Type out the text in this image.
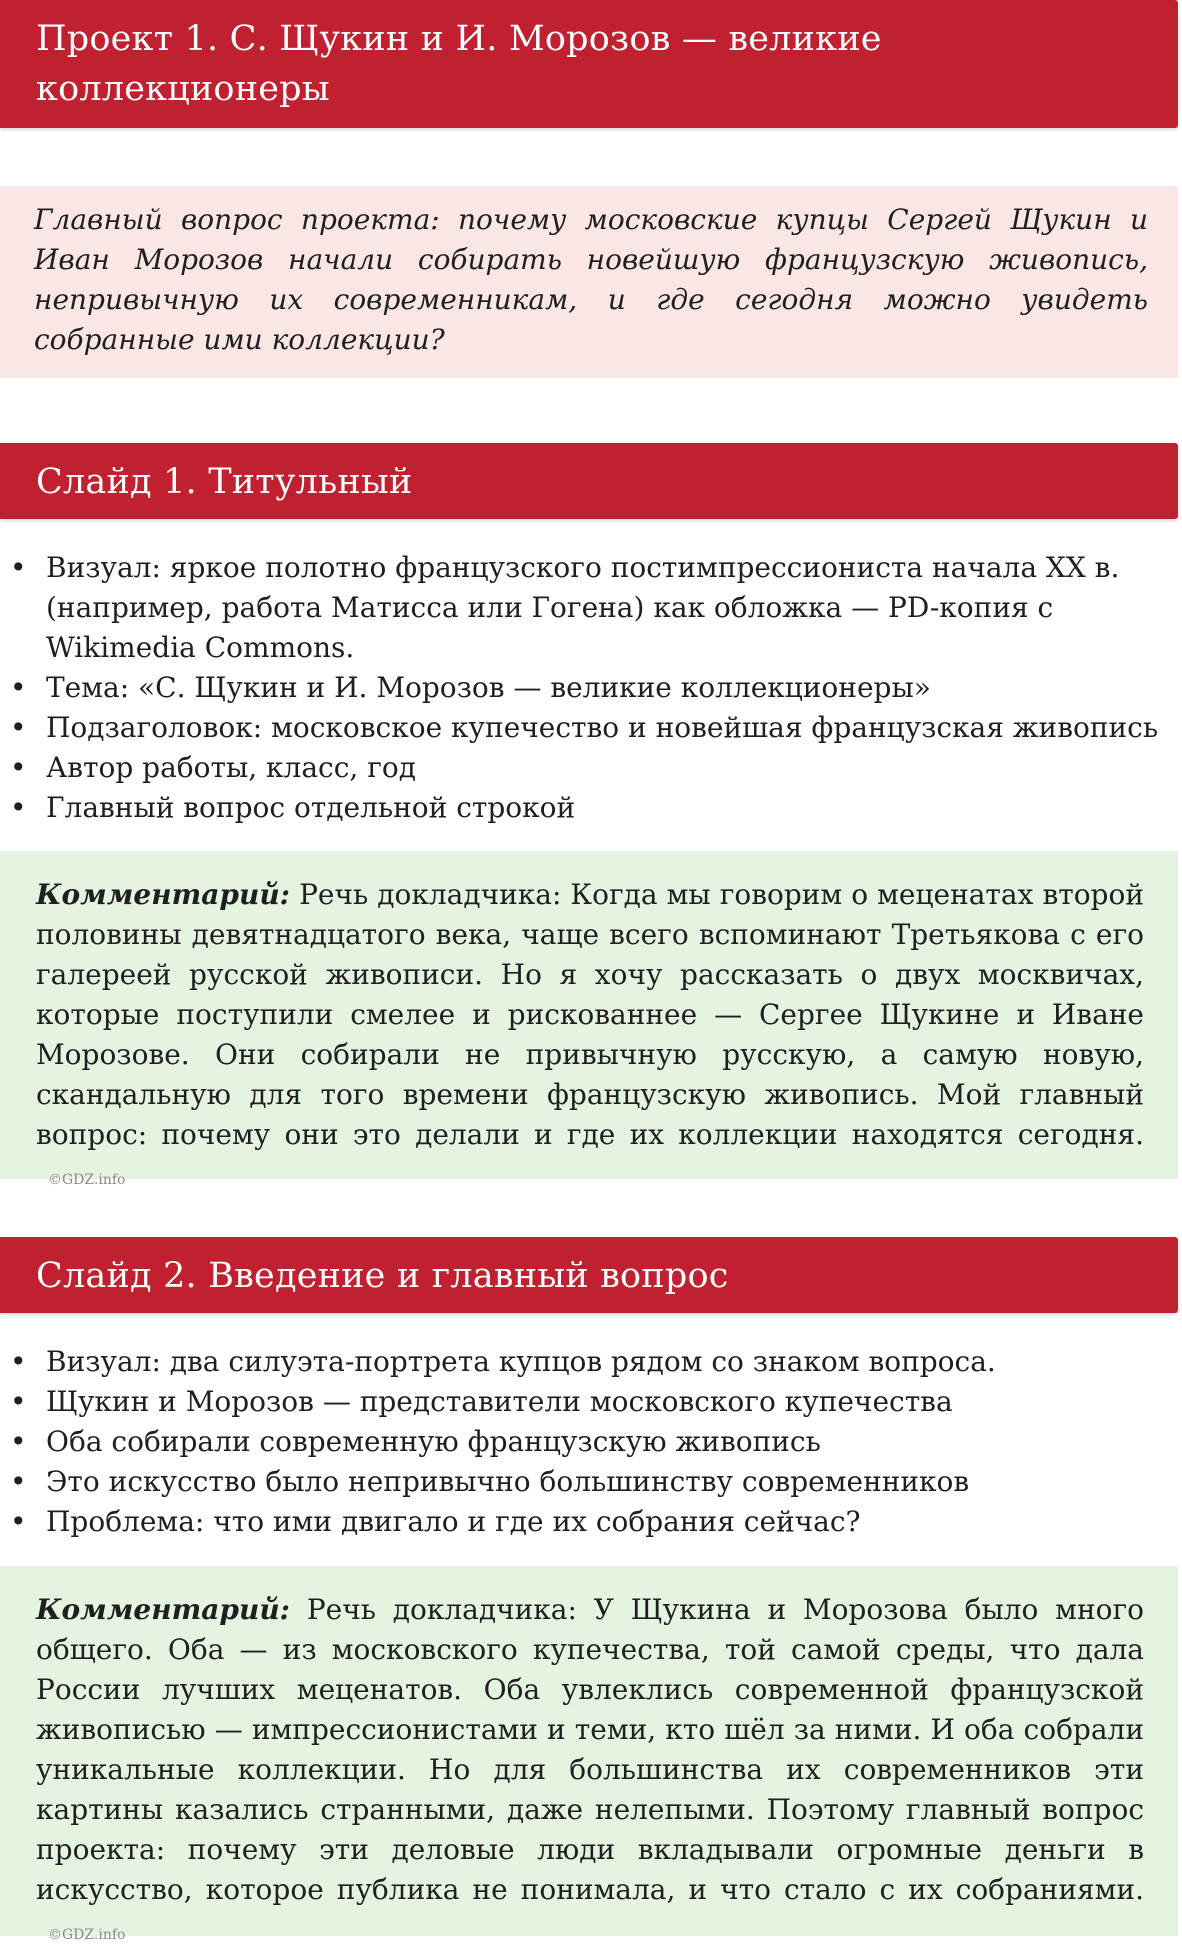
Проект 1. С. Щукин и И. Морозов — великие коллекционеры
Главный вопрос проекта: почему московские купцы Сергей Щукин и Иван Морозов начали собирать новейшую французскую живопись, непривычную их современникам, и где сегодня можно увидеть собранные ими коллекции?
Слайд 1. Титульный
• Визуал: яркое полотно французского постимпрессиониста начала XX в. (например, работа Матисса или Гогена) как обложка — PD-копия с Wikimedia Commons.
• Тема: «С. Щукин и И. Морозов — великие коллекционеры»
• Подзаголовок: московское купечество и новейшая французская живопись
• Автор работы, класс, год
• Главный вопрос отдельной строкой
Комментарий: Речь докладчика: Когда мы говорим о меценатах второй половины девятнадцатого века, чаще всего вспоминают Третьякова с его галереей русской живописи. Но я хочу рассказать о двух москвичах, которые поступили смелее и рискованнее — Сергее Щукине и Иване Морозове. Они собирали не привычную русскую, а самую новую, скандальную для того времени французскую живопись. Мой главный вопрос: почему они это делали и где их коллекции находятся сегодня. ©GDZ.info
Слайд 2. Введение и главный вопрос
• Визуал: два силуэта-портрета купцов рядом со знаком вопроса.
• Щукин и Морозов — представители московского купечества
• Оба собирали современную французскую живопись
• Это искусство было непривычно большинству современников
• Проблема: что ими двигало и где их собрания сейчас?
Комментарий: Речь докладчика: У Щукина и Морозова было много общего. Оба — из московского купечества, той самой среды, что дала России лучших меценатов. Оба увлеклись современной французской живописью — импрессионистами и теми, кто шёл за ними. И оба собрали уникальные коллекции. Но для большинства их современников эти картины казались странными, даже нелепыми. Поэтому главный вопрос проекта: почему эти деловые люди вкладывали огромные деньги в искусство, которое публика не понимала, и что стало с их собраниями. ©GDZ.info
